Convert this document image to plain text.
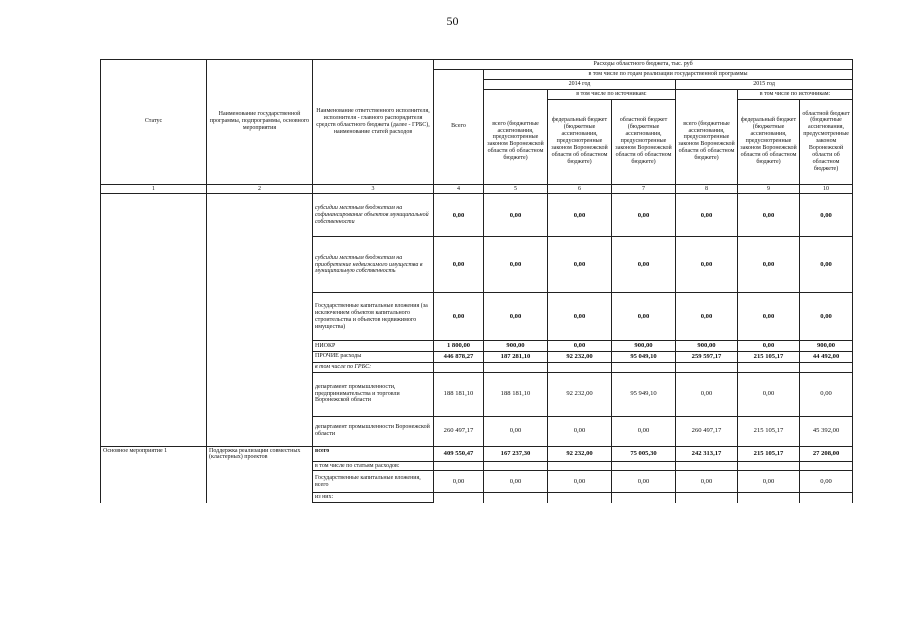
50
Статус	Наименование государственной программы, подпрограммы, основного мероприятия	Наименование ответственного исполнителя, исполнителя - главного распорядителя средств областного бюджета (далее - ГРБС), наименование статей расходов	Расходы областного бюджета, тыс. руб						
			Всего	в том числе по годам реализации государственной программы					
				2014 год			2015 год		
					в том числе по источникам:			в том числе по источникам:	
				всего (бюджетные ассигнования, предусмотренные законом Воронежской области об областном бюджете)	федеральный бюджет (бюджетные ассигнования, предусмотренные законом Воронежской области об областном бюджете)	областной бюджет (бюджетные ассигнования, предусмотренные законом Воронежской области об областном бюджете)	всего (бюджетные ассигнования, предусмотренные законом Воронежской области об областном бюджете)	федеральный бюджет (бюджетные ассигнования, предусмотренные законом Воронежской области об областном бюджете)	областной бюджет (бюджетные ассигнования, предусмотренные законом Воронежской области об областном бюджете)
1	2	3	4	5	6	7	8	9	10
		субсидии местным бюджетам на софинансирование объектов муниципальной собственности	0,00	0,00	0,00	0,00	0,00	0,00	0,00
		субсидии местным бюджетам на приобретение недвижимого имущества в муниципальную собственность	0,00	0,00	0,00	0,00	0,00	0,00	0,00
		Государственные капитальные вложения (за исключением объектов капитального строительства и объектов недвижимого имущества)	0,00	0,00	0,00	0,00	0,00	0,00	0,00
		НИОКР	1 800,00	900,00	0,00	900,00	900,00	0,00	900,00
		ПРОЧИЕ расходы	446 878,27	187 281,10	92 232,00	95 049,10	259 597,17	215 105,17	44 492,00
		в том числе по ГРБС:							
		департамент промышленности, предпринимательства и торговли Воронежской области	188 181,10	188 181,10	92 232,00	95 949,10	0,00	0,00	0,00
		департамент промышленности Воронежской области	260 497,17	0,00	0,00	0,00	260 497,17	215 105,17	45 392,00
Основное мероприятие 1	Поддержка реализации совместных (кластерных) проектов	всего	409 550,47	167 237,30	92 232,00	75 005,30	242 313,17	215 105,17	27 208,00
		в том числе по статьям расходов:							
		Государственные капитальные вложения, всего	0,00	0,00	0,00	0,00	0,00	0,00	0,00
		из них:							
